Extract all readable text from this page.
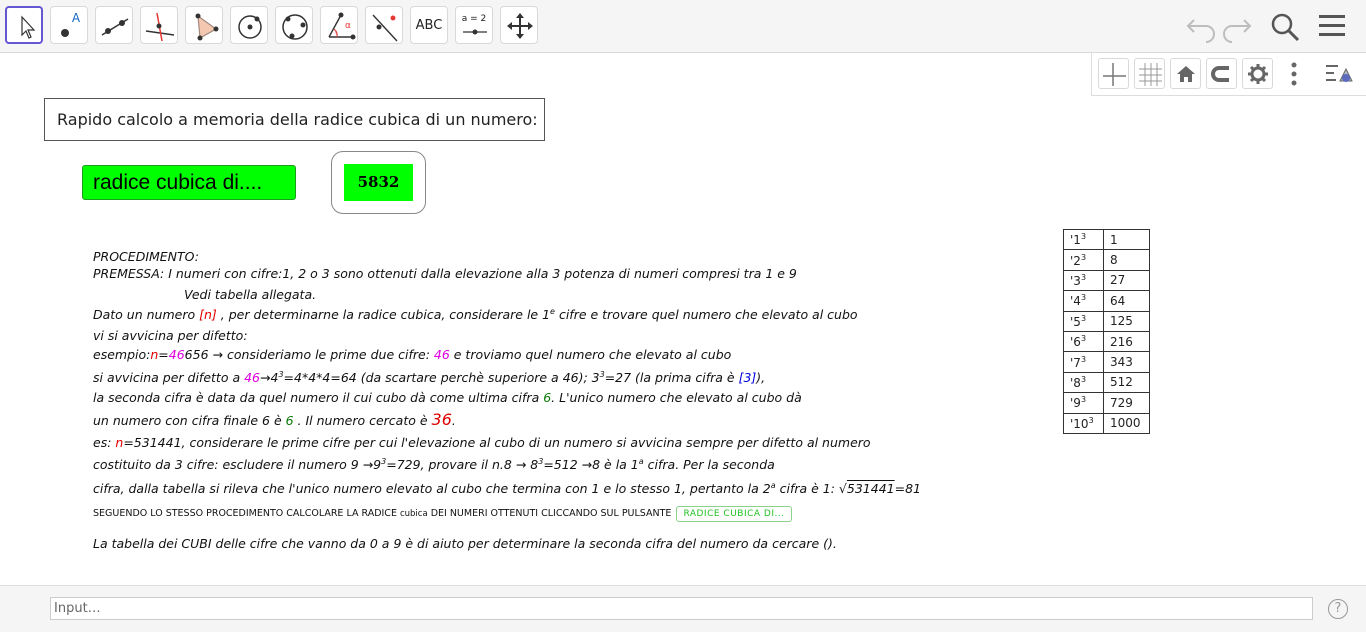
A
α	ABC	a = 2
Rapido calcolo a memoria della radice cubica di un numero:
radice cubica di....	5832
PROCEDIMENTO:
PREMESSA: I numeri con cifre:1, 2 o 3 sono ottenuti dalla elevazione alla 3 potenza di numeri compresi tra 1 e 9
Vedi tabella allegata.
Dato un numero [n] , per determinarne la radice cubica, considerare le 1e cifre e trovare quel numero che elevato al cubo
vi si avvicina per difetto:
esempio:n=46656 → consideriamo le prime due cifre: 46 e troviamo quel numero che elevato al cubo
si avvicina per difetto a $46\to 4^3=4*4*4=64$ (da scartare perchè superiore a 46); $3^3=27$ (la prima cifra è [3]),
la seconda cifra è data da quel numero il cui cubo dà come ultima cifra 6. L'unico numero che elevato al cubo dà
un numero con cifra finale 6 è 6 . Il numero cercato è 36.
es: n=531441, considerare le prime cifre per cui l'elevazione al cubo di un numero si avvicina sempre per difetto al numero
costituito da 3 cifre: escludere il numero $9 \to 9^3=729$, provare il $n.8 \to 8^3=512 \to 8$ è la 1$^a$ cifra. Per la seconda
cifra, dalla tabella si rileva che l'unico numero elevato al cubo che termina con 1 e lo stesso 1, pertanto la 2$^a$ cifra è 1: √531441=81
SEGUENDO LO STESSO PROCEDIMENTO CALCOLARE LA RADICE cubica DEI NUMERI OTTENUTI CLICCANDO SUL PULSANTE RADICE CUBICA DI...
La tabella dei CUBI delle cifre che vanno da 0 a 9 è di aiuto per determinare la seconda cifra del numero da cercare ().
'$1^3$	1
'$2^3$	8
'$3^3$	27
'$4^3$	64
'$5^3$	125
'$6^3$	216
'$7^3$	343
'$8^3$	512
'$9^3$	729
'$10^3$	1000
Input…	?
